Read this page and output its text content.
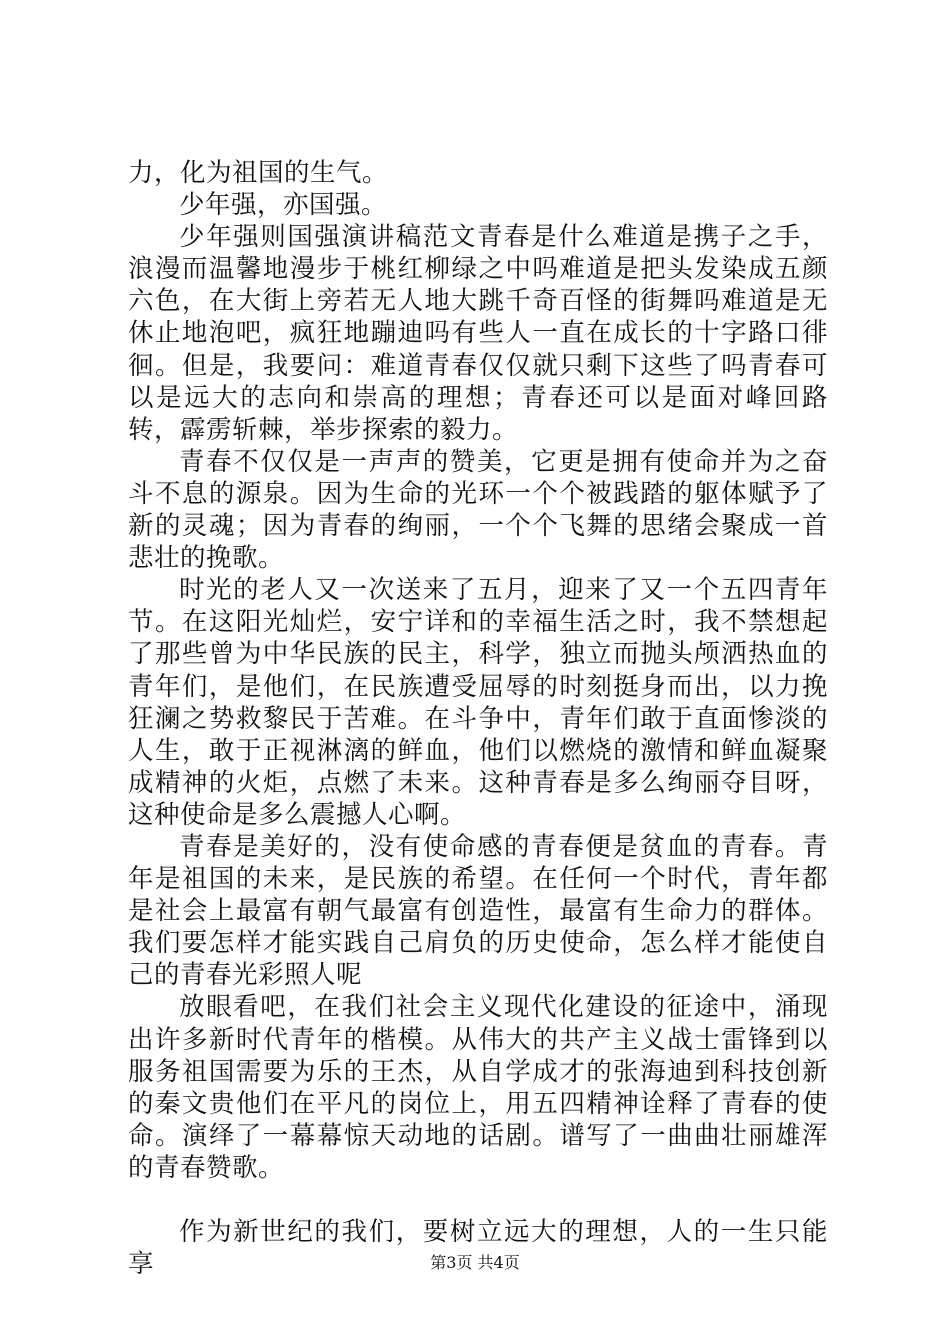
力，化为祖国的生气。

少年强，亦国强。

少年强则国强演讲稿范文青春是什么难道是携子之手，浪漫而温馨地漫步于桃红柳绿之中吗难道是把头发染成五颜六色，在大街上旁若无人地大跳千奇百怪的街舞吗难道是无休止地泡吧，疯狂地蹦迪吗有些人一直在成长的十字路口徘徊。但是，我要问：难道青春仅仅就只剩下这些了吗青春可以是远大的志向和崇高的理想；青春还可以是面对峰回路转，霹雳斩棘，举步探索的毅力。

青春不仅仅是一声声的赞美，它更是拥有使命并为之奋斗不息的源泉。因为生命的光环一个个被践踏的躯体赋予了新的灵魂；因为青春的绚丽，一个个飞舞的思绪会聚成一首悲壮的挽歌。

时光的老人又一次送来了五月，迎来了又一个五四青年节。在这阳光灿烂，安宁详和的幸福生活之时，我不禁想起了那些曾为中华民族的民主，科学，独立而抛头颅洒热血的青年们，是他们，在民族遭受屈辱的时刻挺身而出，以力挽狂澜之势救黎民于苦难。在斗争中，青年们敢于直面惨淡的人生，敢于正视淋漓的鲜血，他们以燃烧的激情和鲜血凝聚成精神的火炬，点燃了未来。这种青春是多么绚丽夺目呀，这种使命是多么震撼人心啊。

青春是美好的，没有使命感的青春便是贫血的青春。青年是祖国的未来，是民族的希望。在任何一个时代，青年都是社会上最富有朝气最富有创造性，最富有生命力的群体。我们要怎样才能实践自己肩负的历史使命，怎么样才能使自己的青春光彩照人呢

放眼看吧，在我们社会主义现代化建设的征途中，涌现出许多新时代青年的楷模。从伟大的共产主义战士雷锋到以服务祖国需要为乐的王杰，从自学成才的张海迪到科技创新的秦文贵他们在平凡的岗位上，用五四精神诠释了青春的使命。演绎了一幕幕惊天动地的话剧。谱写了一曲曲壮丽雄浑的青春赞歌。

作为新世纪的我们，要树立远大的理想，人的一生只能享	第3页 共4页
